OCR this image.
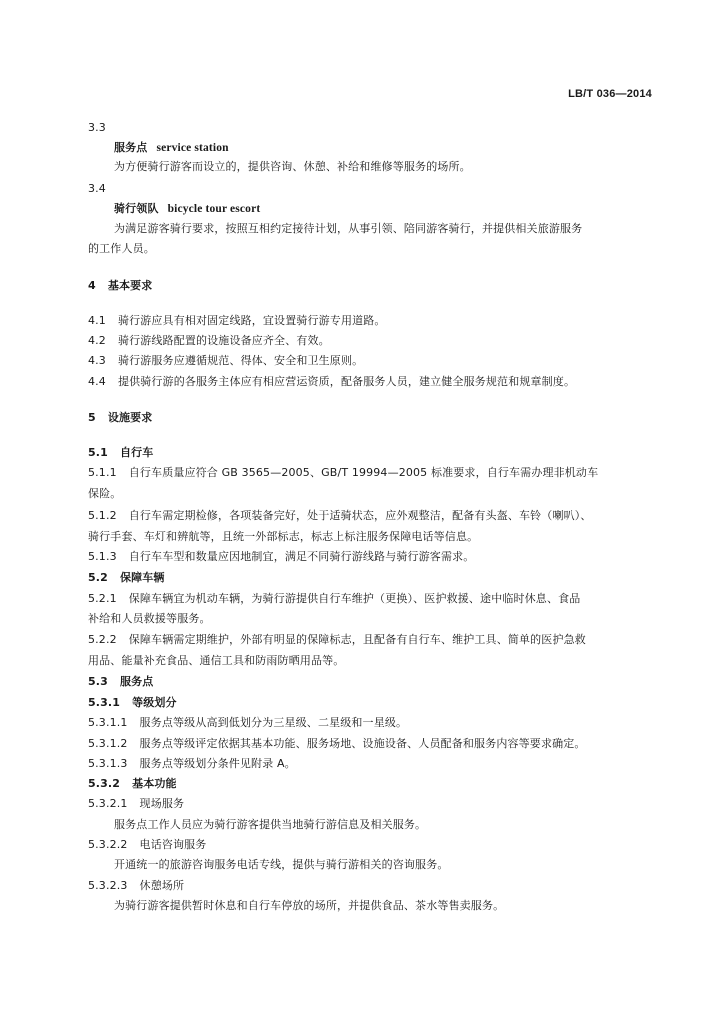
LB/T 036—2014
3.3
服务点 service station
为方便骑行游客而设立的，提供咨询、休憩、补给和维修等服务的场所。
3.4
骑行领队 bicycle tour escort
为满足游客骑行要求，按照互相约定接待计划，从事引领、陪同游客骑行，并提供相关旅游服务
的工作人员。
4 基本要求
4.1 骑行游应具有相对固定线路，宜设置骑行游专用道路。
4.2 骑行游线路配置的设施设备应齐全、有效。
4.3 骑行游服务应遵循规范、得体、安全和卫生原则。
4.4 提供骑行游的各服务主体应有相应营运资质，配备服务人员，建立健全服务规范和规章制度。
5 设施要求
5.1 自行车
5.1.1 自行车质量应符合 GB 3565—2005、GB/T 19994—2005 标准要求，自行车需办理非机动车
保险。
5.1.2 自行车需定期检修，各项装备完好，处于适骑状态，应外观整洁，配备有头盔、车铃（喇叭）、
骑行手套、车灯和辨航等，且统一外部标志，标志上标注服务保障电话等信息。
5.1.3 自行车车型和数量应因地制宜，满足不同骑行游线路与骑行游客需求。
5.2 保障车辆
5.2.1 保障车辆宜为机动车辆，为骑行游提供自行车维护（更换）、医护救援、途中临时休息、食品
补给和人员救援等服务。
5.2.2 保障车辆需定期维护，外部有明显的保障标志，且配备有自行车、维护工具、简单的医护急救
用品、能量补充食品、通信工具和防雨防晒用品等。
5.3 服务点
5.3.1 等级划分
5.3.1.1 服务点等级从高到低划分为三星级、二星级和一星级。
5.3.1.2 服务点等级评定依据其基本功能、服务场地、设施设备、人员配备和服务内容等要求确定。
5.3.1.3 服务点等级划分条件见附录 A。
5.3.2 基本功能
5.3.2.1 现场服务
服务点工作人员应为骑行游客提供当地骑行游信息及相关服务。
5.3.2.2 电话咨询服务
开通统一的旅游咨询服务电话专线，提供与骑行游相关的咨询服务。
5.3.2.3 休憩场所
为骑行游客提供暂时休息和自行车停放的场所，并提供食品、茶水等售卖服务。
